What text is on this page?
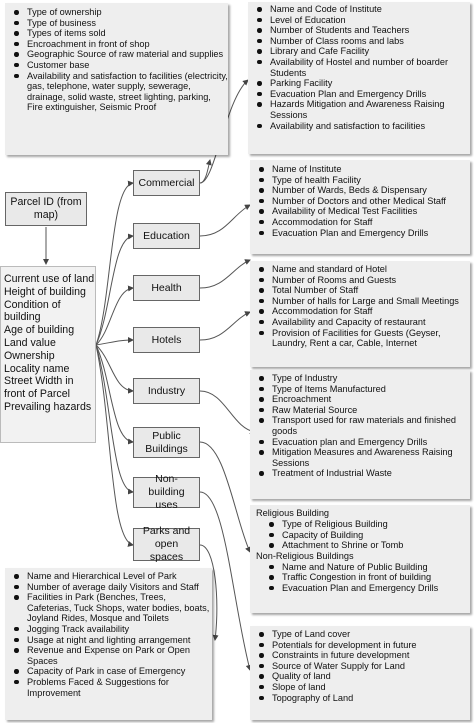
Type of ownership
Type of business
Types of items sold
Encroachment in front of shop
Geographic Source of raw material and supplies
Customer base
Availability and satisfaction to facilities (electricity, gas, telephone, water supply, sewerage, drainage, solid waste, street lighting, parking, Fire extinguisher, Seismic Proof
Name and Code of Institute
Level of Education
Number of Students and Teachers
Number of Class rooms and labs
Library and Cafe Facility
Availability of Hostel and number of boarder Students
Parking Facility
Evacuation Plan and Emergency Drills
Hazards Mitigation and Awareness Raising Sessions
Availability and satisfaction to facilities
Name of Institute
Type of health Facility
Number of Wards, Beds & Dispensary
Number of Doctors and other Medical Staff
Availability of Medical Test Facilities
Accommodation for Staff
Evacuation Plan and Emergency Drills
Name and standard of Hotel
Number of Rooms and Guests
Total Number of Staff
Number of halls for Large and Small Meetings
Accommodation for Staff
Availability and Capacity of restaurant
Provision of Facilities for Guests (Geyser, Laundry, Rent a car, Cable, Internet
Type of Industry
Type of Items Manufactured
Encroachment
Raw Material Source
Transport used for raw materials and finished goods
Evacuation plan and Emergency Drills
Mitigation Measures and Awareness Raising Sessions
Treatment of Industrial Waste
Religious Building
Type of Religious Building
Capacity of Building
Attachment to Shrine or Tomb
Non-Religious Buildings
Name and Nature of Public Building
Traffic Congestion in front of building
Evacuation Plan and Emergency Drills
Name and Hierarchical Level of Park
Number of average daily Visitors and Staff
Facilities in Park (Benches, Trees, Cafeterias, Tuck Shops, water bodies, boats, Joyland Rides, Mosque and Toilets
Jogging Track availability
Usage at night and lighting arrangement
Revenue and Expense on Park or Open Spaces
Capacity of Park in case of Emergency
Problems Faced & Suggestions for Improvement
Type of Land cover
Potentials for development in future
Constraints in future development
Source of Water Supply for Land
Quality of land
Slope of land
Topography of Land
Parcel ID (from map)
Current use of land
Height of building
Condition of building
Age of building
Land value
Ownership
Locality name
Street Width in front of Parcel
Prevailing hazards
Commercial
Education
Health
Hotels
Industry
Public Buildings
Non-building uses
Parks and open spaces
